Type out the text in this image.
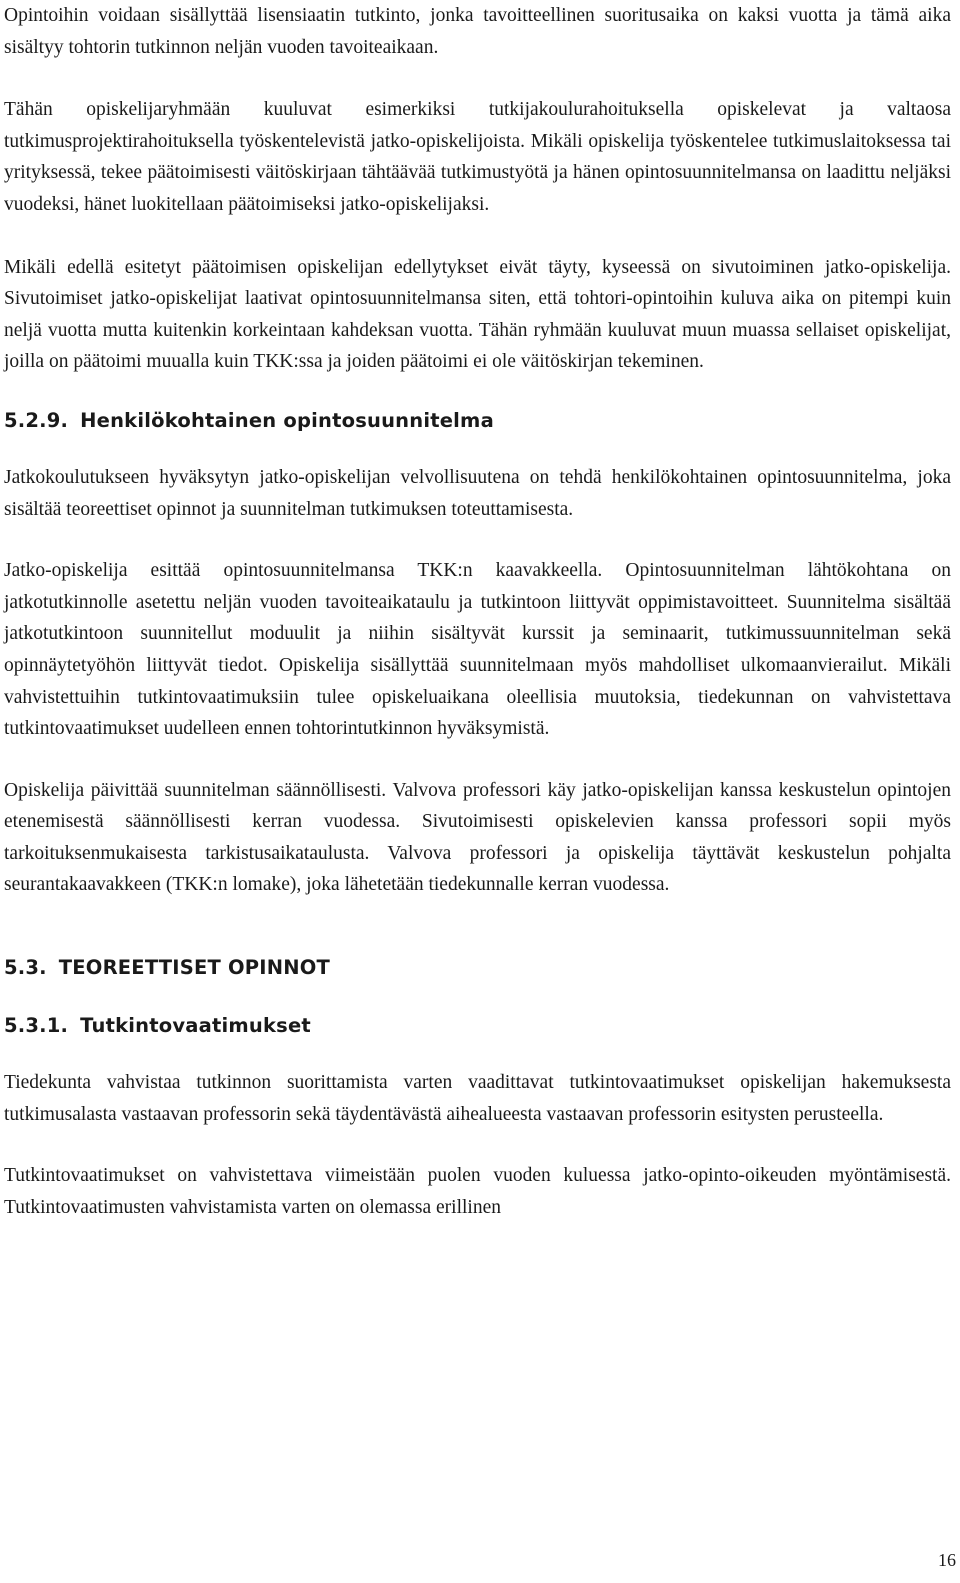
Opintoihin voidaan sisällyttää lisensiaatin tutkinto, jonka tavoitteellinen suoritusaika on kaksi vuotta ja tämä aika sisältyy tohtorin tutkinnon neljän vuoden tavoiteaikaan.

Tähän opiskelijaryhmään kuuluvat esimerkiksi tutkijakoulurahoituksella opiskelevat ja valtaosa tutkimusprojektirahoituksella työskentelevistä jatko-opiskelijoista. Mikäli opiskelija työskentelee tutkimuslaitoksessa tai yrityksessä, tekee päätoimisesti väitöskirjaan tähtäävää tutkimustyötä ja hänen opintosuunnitelmansa on laadittu neljäksi vuodeksi, hänet luokitellaan päätoimiseksi jatko-opiskelijaksi.

Mikäli edellä esitetyt päätoimisen opiskelijan edellytykset eivät täyty, kyseessä on sivutoiminen jatko-opiskelija. Sivutoimiset jatko-opiskelijat laativat opintosuunnitelmansa siten, että tohtori-opintoihin kuluva aika on pitempi kuin neljä vuotta mutta kuitenkin korkeintaan kahdeksan vuotta. Tähän ryhmään kuuluvat muun muassa sellaiset opiskelijat, joilla on päätoimi muualla kuin TKK:ssa ja joiden päätoimi ei ole väitöskirjan tekeminen.

5.2.9. Henkilökohtainen opintosuunnitelma

Jatkokoulutukseen hyväksytyn jatko-opiskelijan velvollisuutena on tehdä henkilökohtainen opintosuunnitelma, joka sisältää teoreettiset opinnot ja suunnitelman tutkimuksen toteuttamisesta.

Jatko-opiskelija esittää opintosuunnitelmansa TKK:n kaavakkeella. Opintosuunnitelman lähtökohtana on jatkotutkinnolle asetettu neljän vuoden tavoiteaikataulu ja tutkintoon liittyvät oppimistavoitteet. Suunnitelma sisältää jatkotutkintoon suunnitellut moduulit ja niihin sisältyvät kurssit ja seminaarit, tutkimussuunnitelman sekä opinnäytetyöhön liittyvät tiedot. Opiskelija sisällyttää suunnitelmaan myös mahdolliset ulkomaanvierailut. Mikäli vahvistettuihin tutkintovaatimuksiin tulee opiskeluaikana oleellisia muutoksia, tiedekunnan on vahvistettava tutkintovaatimukset uudelleen ennen tohtorintutkinnon hyväksymistä.

Opiskelija päivittää suunnitelman säännöllisesti. Valvova professori käy jatko-opiskelijan kanssa keskustelun opintojen etenemisestä säännöllisesti kerran vuodessa. Sivutoimisesti opiskelevien kanssa professori sopii myös tarkoituksenmukaisesta tarkistusaikataulusta. Valvova professori ja opiskelija täyttävät keskustelun pohjalta seurantakaavakkeen (TKK:n lomake), joka lähetetään tiedekunnalle kerran vuodessa.

5.3. TEOREETTISET OPINNOT
5.3.1. Tutkintovaatimukset

Tiedekunta vahvistaa tutkinnon suorittamista varten vaadittavat tutkintovaatimukset opiskelijan hakemuksesta tutkimusalasta vastaavan professorin sekä täydentävästä aihealueesta vastaavan professorin esitysten perusteella.

Tutkintovaatimukset on vahvistettava viimeistään puolen vuoden kuluessa jatko-opinto-oikeuden myöntämisestä. Tutkintovaatimusten vahvistamista varten on olemassa erillinen

16
